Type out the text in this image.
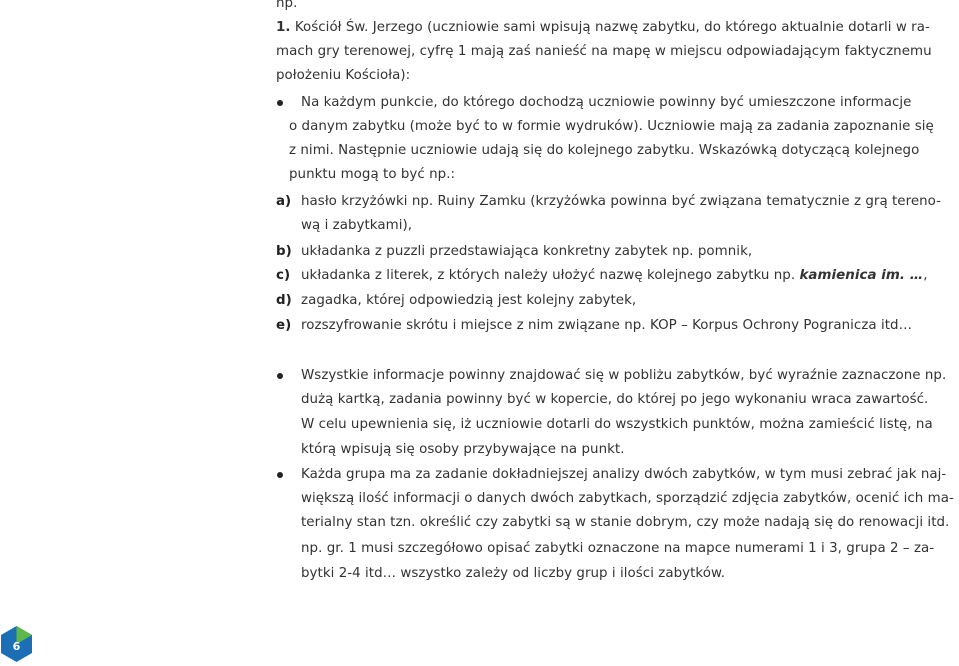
np.
1. Kościół Św. Jerzego (uczniowie sami wpisują nazwę zabytku, do którego aktualnie dotarli w ra-
mach gry terenowej, cyfrę 1 mają zaś nanieść na mapę w miejscu odpowiadającym faktycznemu
położeniu Kościoła):
Na każdym punkcie, do którego dochodzą uczniowie powinny być umieszczone informacje
o danym zabytku (może być to w formie wydruków). Uczniowie mają za zadania zapoznanie się
z nimi. Następnie uczniowie udają się do kolejnego zabytku. Wskazówką dotyczącą kolejnego
punktu mogą to być np.:
a) hasło krzyżówki np. Ruiny Zamku (krzyżówka powinna być związana tematycznie z grą tereno-
wą i zabytkami),
b) układanka z puzzli przedstawiająca konkretny zabytek np. pomnik,
c) układanka z literek, z których należy ułożyć nazwę kolejnego zabytku np. kamienica im. …,
d) zagadka, której odpowiedzią jest kolejny zabytek,
e) rozszyfrowanie skrótu i miejsce z nim związane np. KOP – Korpus Ochrony Pogranicza itd…
Wszystkie informacje powinny znajdować się w pobliżu zabytków, być wyraźnie zaznaczone np.
dużą kartką, zadania powinny być w kopercie, do której po jego wykonaniu wraca zawartość.
W celu upewnienia się, iż uczniowie dotarli do wszystkich punktów, można zamieścić listę, na
którą wpisują się osoby przybywające na punkt.
Każda grupa ma za zadanie dokładniejszej analizy dwóch zabytków, w tym musi zebrać jak naj-
większą ilość informacji o danych dwóch zabytkach, sporządzić zdjęcia zabytków, ocenić ich ma-
terialny stan tzn. określić czy zabytki są w stanie dobrym, czy może nadają się do renowacji itd.
np. gr. 1 musi szczegółowo opisać zabytki oznaczone na mapce numerami 1 i 3, grupa 2 – za-
bytki 2-4 itd… wszystko zależy od liczby grup i ilości zabytków.
6
